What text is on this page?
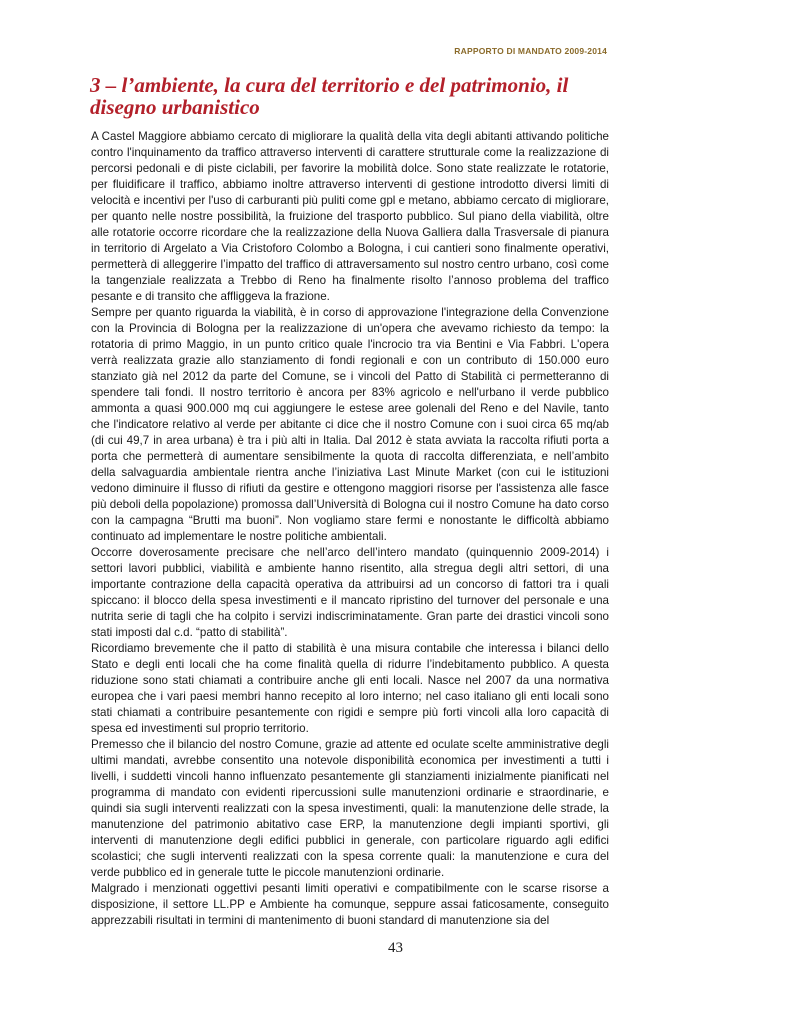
RAPPORTO DI MANDATO 2009-2014
3 – l’ambiente, la cura del territorio e del patrimonio, il disegno urbanistico

A Castel Maggiore abbiamo cercato di migliorare la qualità della vita degli abitanti attivando politiche contro l'inquinamento da traffico attraverso interventi di carattere strutturale come la realizzazione di percorsi pedonali e di piste ciclabili, per favorire la mobilità dolce. Sono state realizzate le rotatorie, per fluidificare il traffico, abbiamo inoltre attraverso interventi di gestione introdotto diversi limiti di velocità e incentivi per l'uso di carburanti più puliti come gpl e metano, abbiamo cercato di migliorare, per quanto nelle nostre possibilità, la fruizione del trasporto pubblico. Sul piano della viabilità, oltre alle rotatorie occorre ricordare che la realizzazione della Nuova Galliera dalla Trasversale di pianura in territorio di Argelato a Via Cristoforo Colombo a Bologna, i cui cantieri sono finalmente operativi, permetterà di alleggerire l’impatto del traffico di attraversamento sul nostro centro urbano, così come la tangenziale realizzata a Trebbo di Reno ha finalmente risolto l’annoso problema del traffico pesante e di transito che affliggeva la frazione.

Sempre per quanto riguarda la viabilità, è in corso di approvazione l'integrazione della Convenzione con la Provincia di Bologna per la realizzazione di un'opera che avevamo richiesto da tempo: la rotatoria di primo Maggio, in un punto critico quale l'incrocio tra via Bentini e Via Fabbri. L'opera verrà realizzata grazie allo stanziamento di fondi regionali e con un contributo di 150.000 euro stanziato già nel 2012 da parte del Comune, se i vincoli del Patto di Stabilità ci permetteranno di spendere tali fondi. Il nostro territorio è ancora per 83% agricolo e nell'urbano il verde pubblico ammonta a quasi 900.000 mq cui aggiungere le estese aree golenali del Reno e del Navile, tanto che l'indicatore relativo al verde per abitante ci dice che il nostro Comune con i suoi circa 65 mq/ab (di cui 49,7 in area urbana) è tra i più alti in Italia. Dal 2012 è stata avviata la raccolta rifiuti porta a porta che permetterà di aumentare sensibilmente la quota di raccolta differenziata, e nell’ambito della salvaguardia ambientale rientra anche l’iniziativa Last Minute Market (con cui le istituzioni vedono diminuire il flusso di rifiuti da gestire e ottengono maggiori risorse per l'assistenza alle fasce più deboli della popolazione) promossa dall’Università di Bologna cui il nostro Comune ha dato corso con la campagna “Brutti ma buoni”. Non vogliamo stare fermi e nonostante le difficoltà abbiamo continuato ad implementare le nostre politiche ambientali.

Occorre doverosamente precisare che nell’arco dell’intero mandato (quinquennio 2009-2014) i settori lavori pubblici, viabilità e ambiente hanno risentito, alla stregua degli altri settori, di una importante contrazione della capacità operativa da attribuirsi ad un concorso di fattori tra i quali spiccano: il blocco della spesa investimenti e il mancato ripristino del turnover del personale e una nutrita serie di tagli che ha colpito i servizi indiscriminatamente. Gran parte dei drastici vincoli sono stati imposti dal c.d. “patto di stabilità”.

Ricordiamo brevemente che il patto di stabilità è una misura contabile che interessa i bilanci dello Stato e degli enti locali che ha come finalità quella di ridurre l’indebitamento pubblico. A questa riduzione sono stati chiamati a contribuire anche gli enti locali. Nasce nel 2007 da una normativa europea che i vari paesi membri hanno recepito al loro interno; nel caso italiano gli enti locali sono stati chiamati a contribuire pesantemente con rigidi e sempre più forti vincoli alla loro capacità di spesa ed investimenti sul proprio territorio.

Premesso che il bilancio del nostro Comune, grazie ad attente ed oculate scelte amministrative degli ultimi mandati, avrebbe consentito una notevole disponibilità economica per investimenti a tutti i livelli, i suddetti vincoli hanno influenzato pesantemente gli stanziamenti inizialmente pianificati nel programma di mandato con evidenti ripercussioni sulle manutenzioni ordinarie e straordinarie, e quindi sia sugli interventi realizzati con la spesa investimenti, quali: la manutenzione delle strade, la manutenzione del patrimonio abitativo case ERP, la manutenzione degli impianti sportivi, gli interventi di manutenzione degli edifici pubblici in generale, con particolare riguardo agli edifici scolastici; che sugli interventi realizzati con la spesa corrente quali: la manutenzione e cura del verde pubblico ed in generale tutte le piccole manutenzioni ordinarie.

Malgrado i menzionati oggettivi pesanti limiti operativi e compatibilmente con le scarse risorse a disposizione, il settore LL.PP e Ambiente ha comunque, seppure assai faticosamente, conseguito apprezzabili risultati in termini di mantenimento di buoni standard di manutenzione sia del

43
